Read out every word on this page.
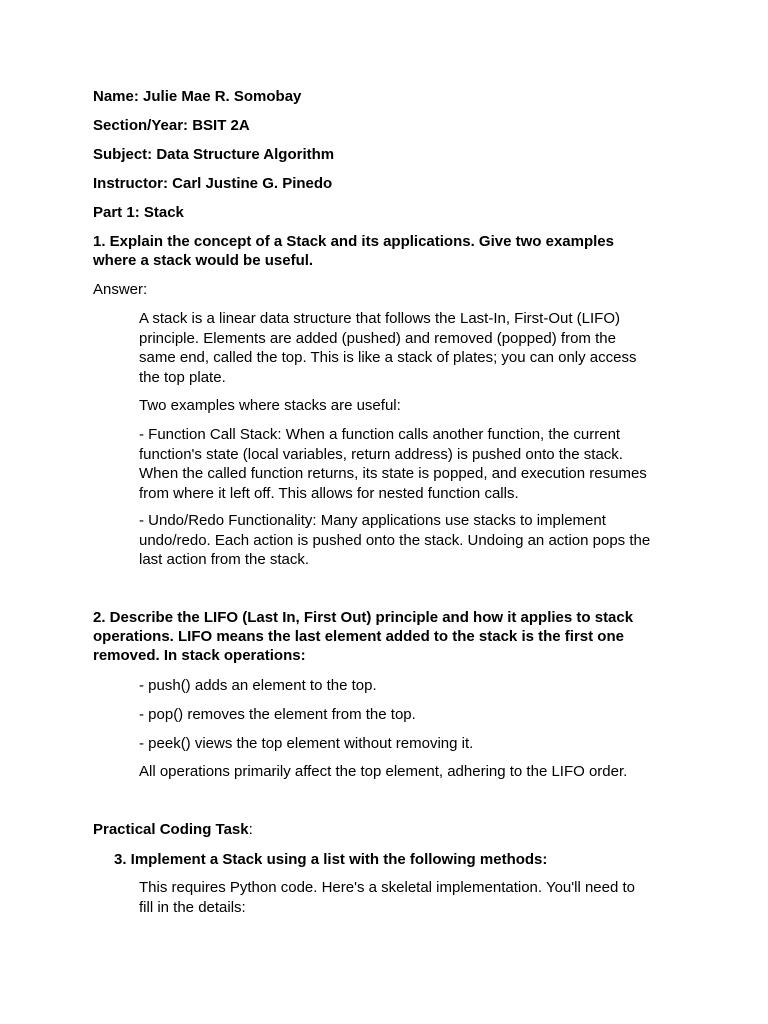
Name: Julie Mae R. Somobay
Section/Year: BSIT 2A
Subject: Data Structure Algorithm
Instructor: Carl Justine G. Pinedo
Part 1: Stack
1. Explain the concept of a Stack and its applications. Give two examples
where a stack would be useful.
Answer:
A stack is a linear data structure that follows the Last-In, First-Out (LIFO)
principle. Elements are added (pushed) and removed (popped) from the
same end, called the top. This is like a stack of plates; you can only access
the top plate.
Two examples where stacks are useful:
- Function Call Stack: When a function calls another function, the current
function's state (local variables, return address) is pushed onto the stack.
When the called function returns, its state is popped, and execution resumes
from where it left off. This allows for nested function calls.
- Undo/Redo Functionality: Many applications use stacks to implement
undo/redo. Each action is pushed onto the stack. Undoing an action pops the
last action from the stack.
2. Describe the LIFO (Last In, First Out) principle and how it applies to stack
operations. LIFO means the last element added to the stack is the first one
removed. In stack operations:
- push() adds an element to the top.
- pop() removes the element from the top.
- peek() views the top element without removing it.
All operations primarily affect the top element, adhering to the LIFO order.
Practical Coding Task:
3. Implement a Stack using a list with the following methods:
This requires Python code. Here's a skeletal implementation. You'll need to
fill in the details:
